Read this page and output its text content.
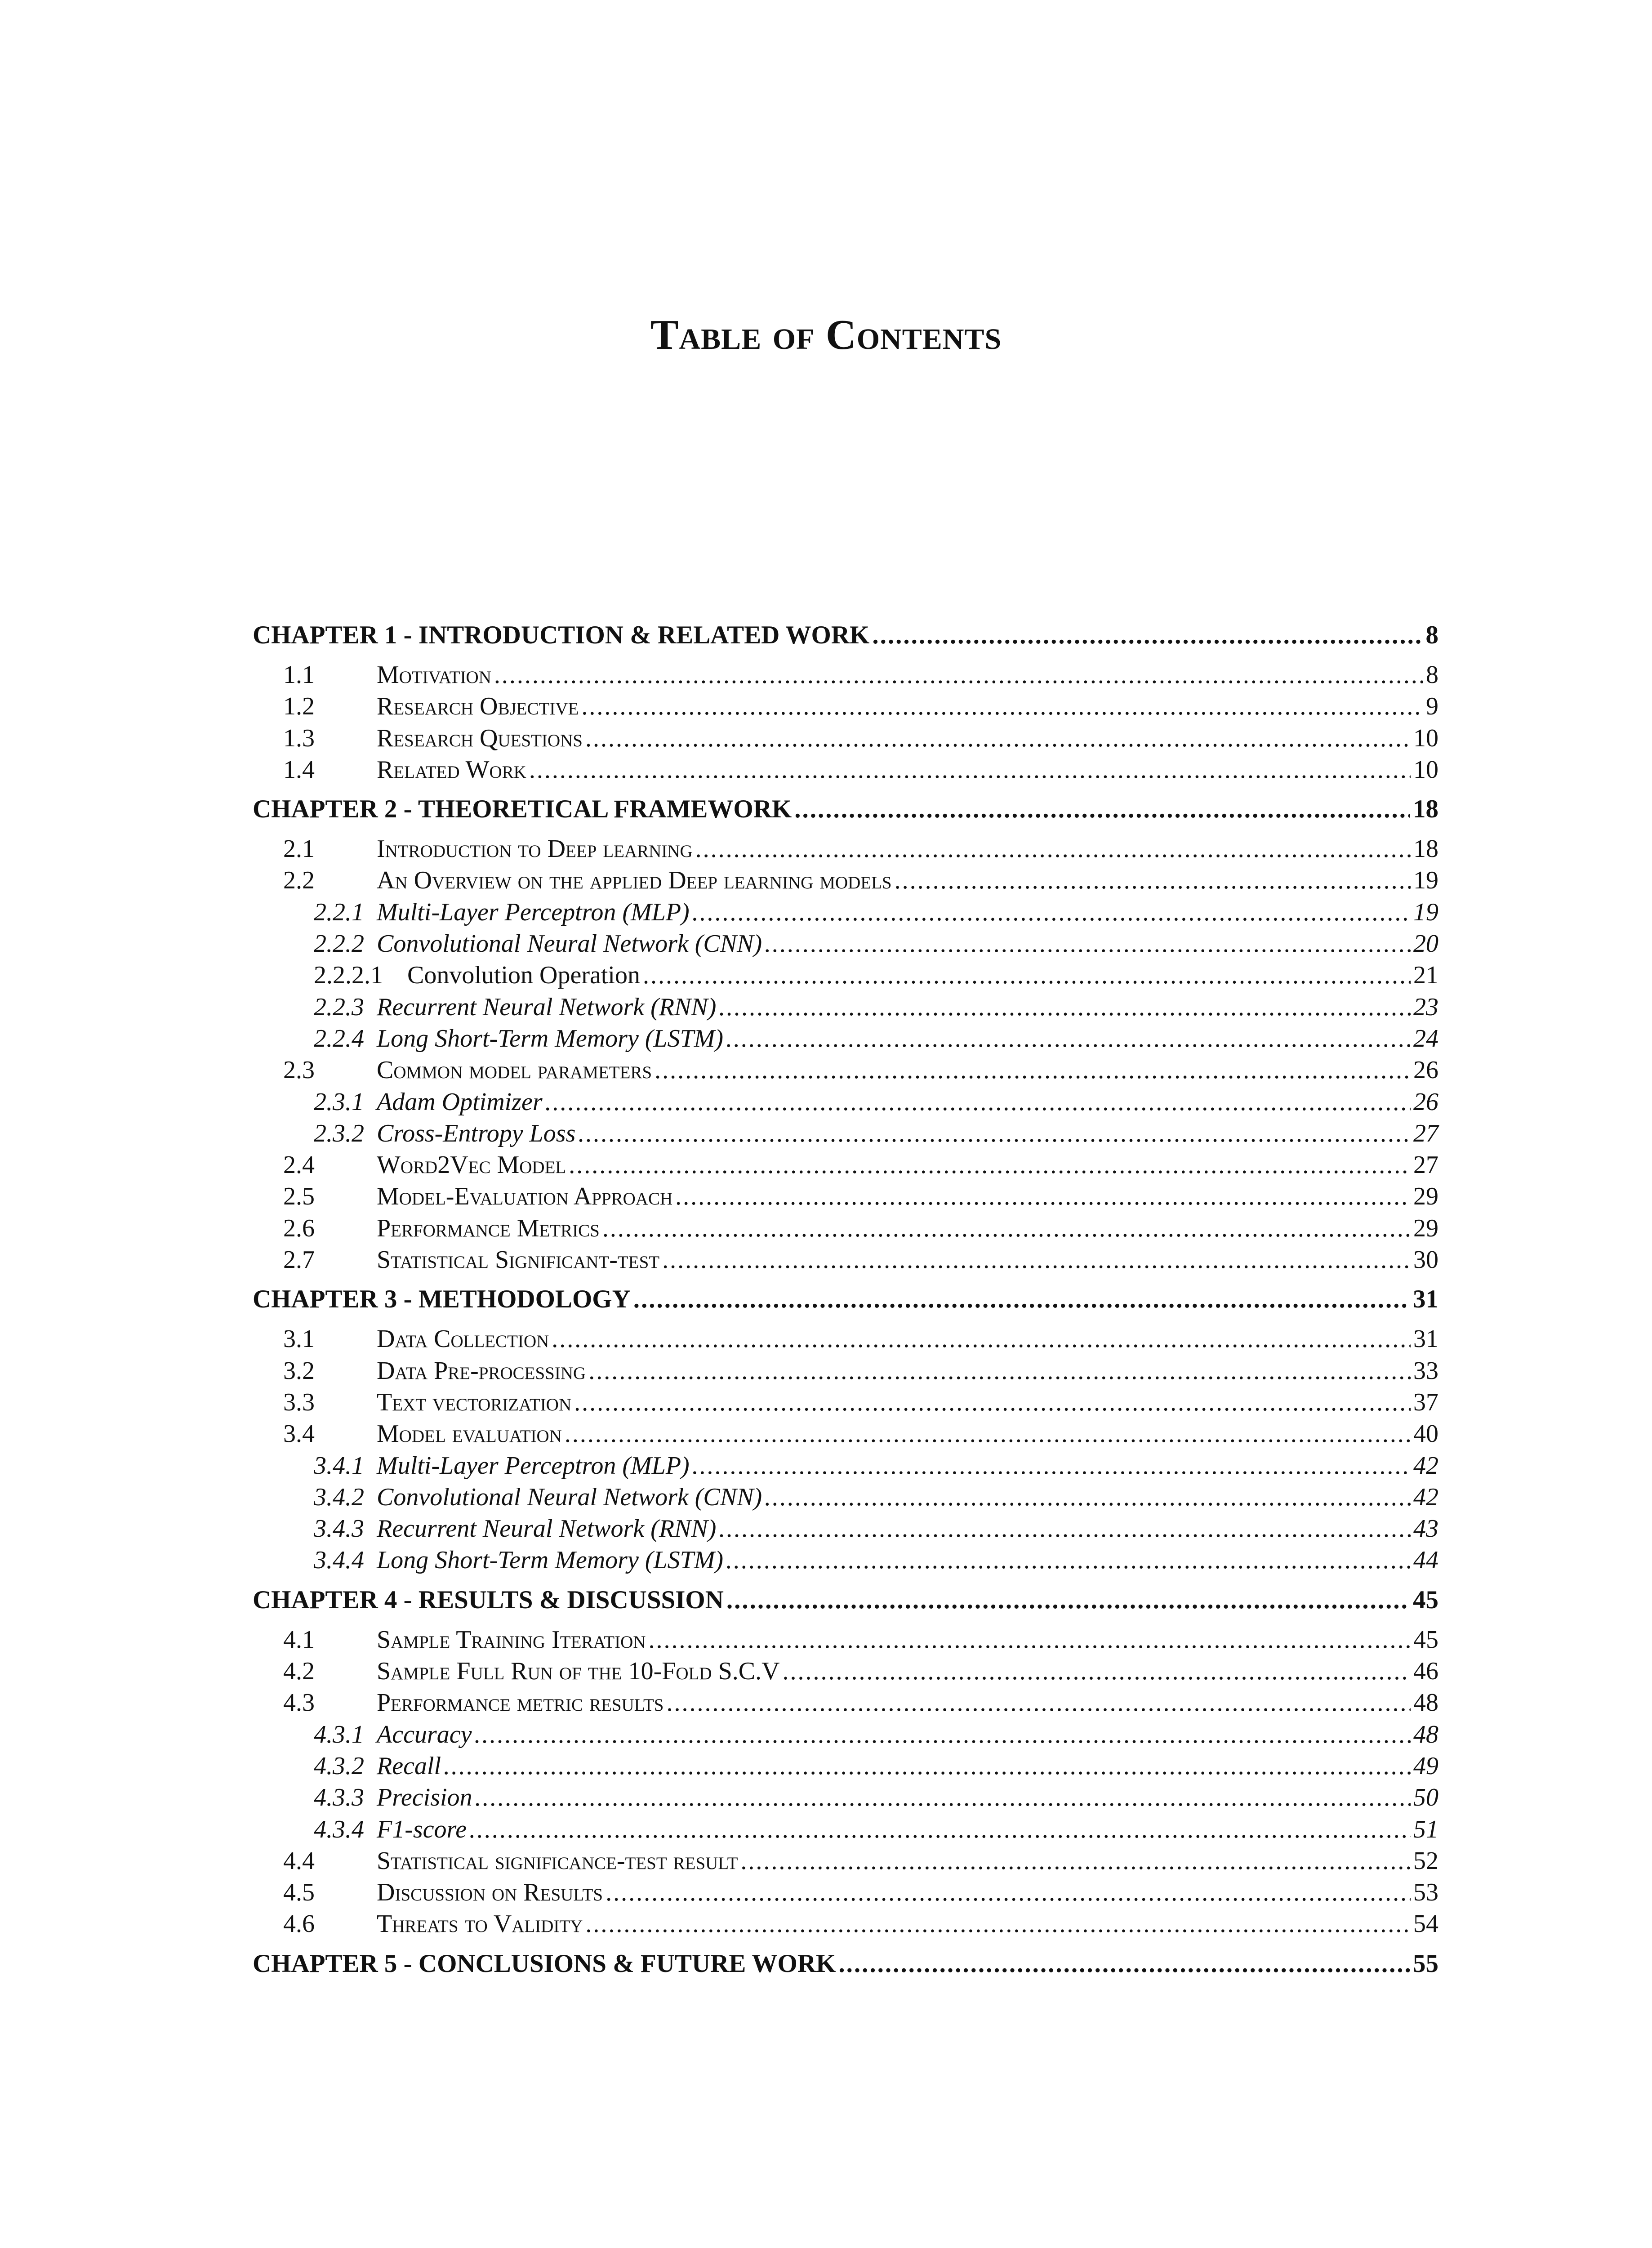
Table of Contents
CHAPTER 1 - INTRODUCTION & RELATED WORK .....	8
1.1	Motivation .....	8
1.2	Research Objective .....	9
1.3	Research Questions .....	10
1.4	Related Work .....	10
CHAPTER 2 - THEORETICAL FRAMEWORK .....	18
2.1	Introduction to Deep learning .....	18
2.2	An Overview on the applied Deep learning models .....	19
2.2.1 Multi-Layer Perceptron (MLP) .....	19
2.2.2 Convolutional Neural Network (CNN) .....	20
2.2.2.1 Convolution Operation .....	21
2.2.3 Recurrent Neural Network (RNN) .....	23
2.2.4 Long Short-Term Memory (LSTM) .....	24
2.3	Common model parameters .....	26
2.3.1 Adam Optimizer .....	26
2.3.2 Cross-Entropy Loss .....	27
2.4	Word2Vec Model .....	27
2.5	Model-Evaluation Approach .....	29
2.6	Performance Metrics .....	29
2.7	Statistical Significant-test .....	30
CHAPTER 3 - METHODOLOGY .....	31
3.1	Data Collection .....	31
3.2	Data Pre-processing .....	33
3.3	Text vectorization .....	37
3.4	Model evaluation .....	40
3.4.1 Multi-Layer Perceptron (MLP) .....	42
3.4.2 Convolutional Neural Network (CNN) .....	42
3.4.3 Recurrent Neural Network (RNN) .....	43
3.4.4 Long Short-Term Memory (LSTM) .....	44
CHAPTER 4 - RESULTS & DISCUSSION .....	45
4.1	Sample Training Iteration .....	45
4.2	Sample Full Run of the 10-Fold S.C.V .....	46
4.3	Performance metric results .....	48
4.3.1 Accuracy .....	48
4.3.2 Recall .....	49
4.3.3 Precision .....	50
4.3.4 F1-score .....	51
4.4	Statistical significance-test result .....	52
4.5	Discussion on Results .....	53
4.6	Threats to Validity .....	54
CHAPTER 5 - CONCLUSIONS & FUTURE WORK .....	55
